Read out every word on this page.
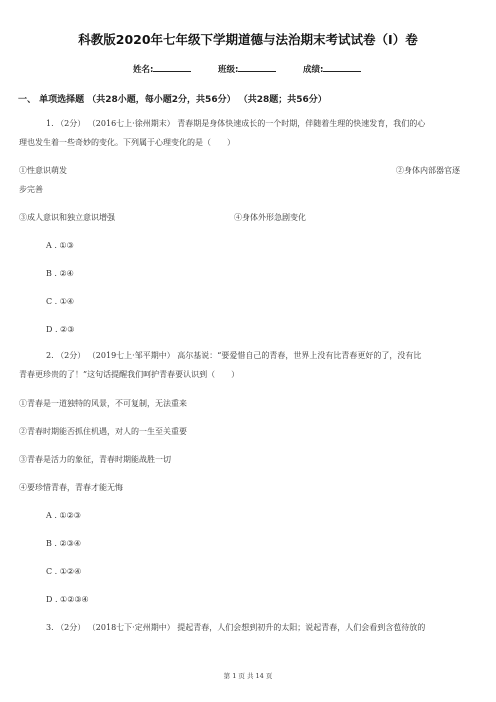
科教版2020年七年级下学期道德与法治期末考试试卷（I）卷
姓名:	班级:	成绩:
一、 单项选择题 （共28小题，每小题2分，共56分） （共28题；共56分）
1. （2分） （2016七上·徐州期末） 青春期是身体快速成长的一个时期，伴随着生理的快速发育，我们的心
理也发生着一些奇妙的变化。下列属于心理变化的是（　　）
①性意识萌发	②身体内部器官逐
步完善
③成人意识和独立意识增强	④身体外形急剧变化
A . ①③
B . ②④
C . ①④
D . ②③
2. （2分） （2019七上·邹平期中） 高尔基说：“要爱惜自己的青春，世界上没有比青春更好的了，没有比
青春更珍贵的了！”这句话提醒我们呵护青春要认识到（　　）
①青春是一道独特的风景，不可复制，无法重来
②青春时期能否抓住机遇，对人的一生至关重要
③青春是活力的象征，青春时期能战胜一切
④要珍惜青春，青春才能无悔
A . ①②③
B . ②③④
C . ①②④
D . ①②③④
3. （2分） （2018七下·定州期中） 提起青春，人们会想到初升的太阳；说起青春，人们会看到含苞待放的
第 1 页 共 14 页
